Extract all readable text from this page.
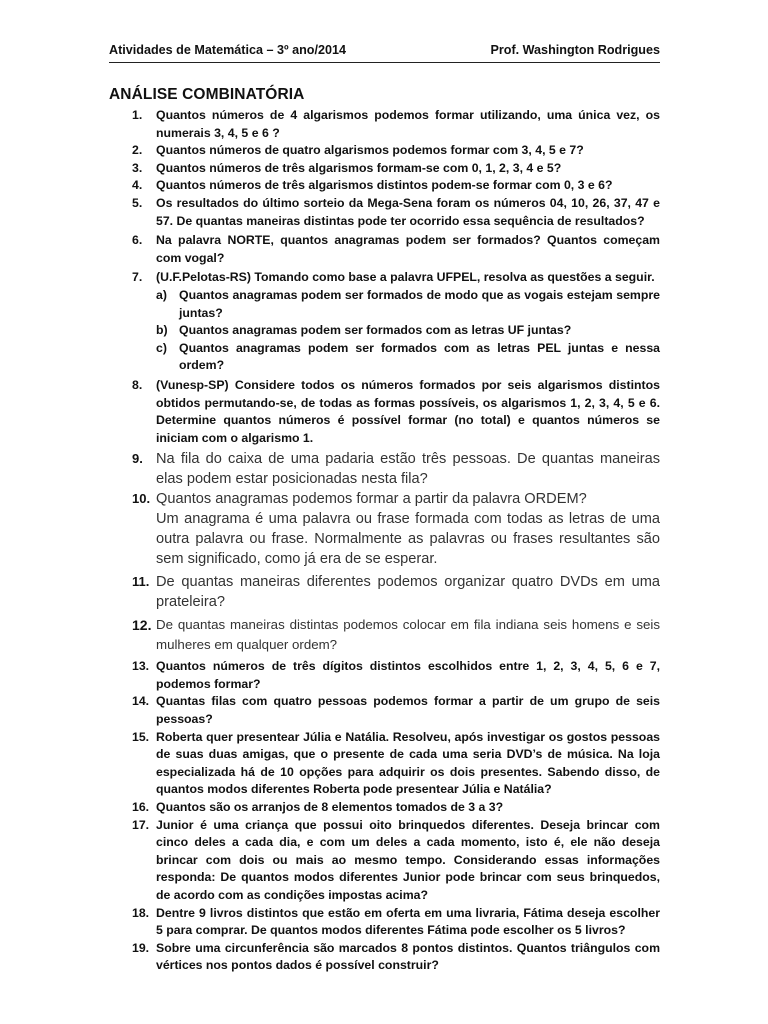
Atividades de Matemática – 3º ano/2014	Prof. Washington Rodrigues
ANÁLISE COMBINATÓRIA
1. Quantos números de 4 algarismos podemos formar utilizando, uma única vez, os numerais 3, 4, 5 e 6 ?
2. Quantos números de quatro algarismos podemos formar com 3, 4, 5 e 7?
3. Quantos números de três algarismos formam-se com 0, 1, 2, 3, 4 e 5?
4. Quantos números de três algarismos distintos podem-se formar com 0, 3 e 6?
5. Os resultados do último sorteio da Mega-Sena foram os números 04, 10, 26, 37, 47 e 57. De quantas maneiras distintas pode ter ocorrido essa sequência de resultados?
6. Na palavra NORTE, quantos anagramas podem ser formados? Quantos começam com vogal?
7. (U.F.Pelotas-RS) Tomando como base a palavra UFPEL, resolva as questões a seguir.
a) Quantos anagramas podem ser formados de modo que as vogais estejam sempre juntas?
b) Quantos anagramas podem ser formados com as letras UF juntas?
c) Quantos anagramas podem ser formados com as letras PEL juntas e nessa ordem?
8. (Vunesp-SP) Considere todos os números formados por seis algarismos distintos obtidos permutando-se, de todas as formas possíveis, os algarismos 1, 2, 3, 4, 5 e 6. Determine quantos números é possível formar (no total) e quantos números se iniciam com o algarismo 1.
9. Na fila do caixa de uma padaria estão três pessoas. De quantas maneiras elas podem estar posicionadas nesta fila?
10. Quantos anagramas podemos formar a partir da palavra ORDEM?
Um anagrama é uma palavra ou frase formada com todas as letras de uma outra palavra ou frase. Normalmente as palavras ou frases resultantes são sem significado, como já era de se esperar.
11. De quantas maneiras diferentes podemos organizar quatro DVDs em uma prateleira?
12. De quantas maneiras distintas podemos colocar em fila indiana seis homens e seis mulheres em qualquer ordem?
13. Quantos números de três dígitos distintos escolhidos entre 1, 2, 3, 4, 5, 6 e 7, podemos formar?
14. Quantas filas com quatro pessoas podemos formar a partir de um grupo de seis pessoas?
15. Roberta quer presentear Júlia e Natália. Resolveu, após investigar os gostos pessoas de suas duas amigas, que o presente de cada uma seria DVD’s de música. Na loja especializada há de 10 opções para adquirir os dois presentes. Sabendo disso, de quantos modos diferentes Roberta pode presentear Júlia e Natália?
16. Quantos são os arranjos de 8 elementos tomados de 3 a 3?
17. Junior é uma criança que possui oito brinquedos diferentes. Deseja brincar com cinco deles a cada dia, e com um deles a cada momento, isto é, ele não deseja brincar com dois ou mais ao mesmo tempo. Considerando essas informações responda: De quantos modos diferentes Junior pode brincar com seus brinquedos, de acordo com as condições impostas acima?
18. Dentre 9 livros distintos que estão em oferta em uma livraria, Fátima deseja escolher 5 para comprar. De quantos modos diferentes Fátima pode escolher os 5 livros?
19. Sobre uma circunferência são marcados 8 pontos distintos. Quantos triângulos com vértices nos pontos dados é possível construir?
